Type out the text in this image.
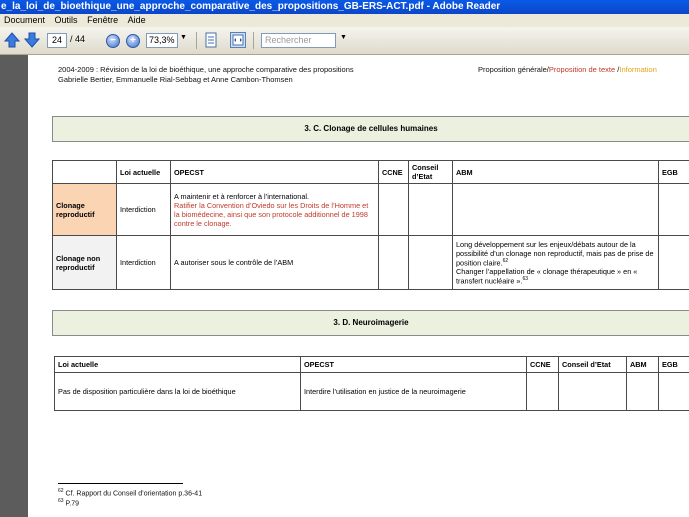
e_la_loi_de_bioethique_une_approche_comparative_des_propositions_GB-ERS-ACT.pdf - Adobe Reader
Document Outils Fenêtre Aide
24 / 44	−	+	73,3% ▼	Rechercher	▼
2004-2009 : Révision de la loi de bioéthique, une approche comparative des propositions
Gabrielle Bertier, Emmanuelle Rial-Sebbag et Anne Cambon-Thomsen
Proposition générale/Proposition de texte /Information
3. C. Clonage de cellules humaines
	Loi actuelle	OPECST	CCNE	Conseil d’Etat	ABM	EGB
Clonage reproductif	Interdiction	A maintenir et à renforcer à l’international.
Ratifier la Convention d’Oviedo sur les Droits de l’Homme et la biomédecine, ainsi que son protocole additionnel de 1998 contre le clonage.				

Clonage non reproductif	Interdiction	A autoriser sous le contrôle de l’ABM			Long développement sur les enjeux/débats autour de la possibilité d’un clonage non reproductif, mais pas de prise de position claire.$^{62}$
Changer l’appellation de « clonage thérapeutique » en « transfert nucléaire ».$^{63}$	
3. D. Neuroimagerie
Loi actuelle	OPECST	CCNE	Conseil d’Etat	ABM	EGB
Pas de disposition particulière dans la loi de bioéthique	Interdire l’utilisation en justice de la neuroimagerie				
$^{62}$ Cf. Rapport du Conseil d’orientation p.36-41
$^{63}$ P.79
